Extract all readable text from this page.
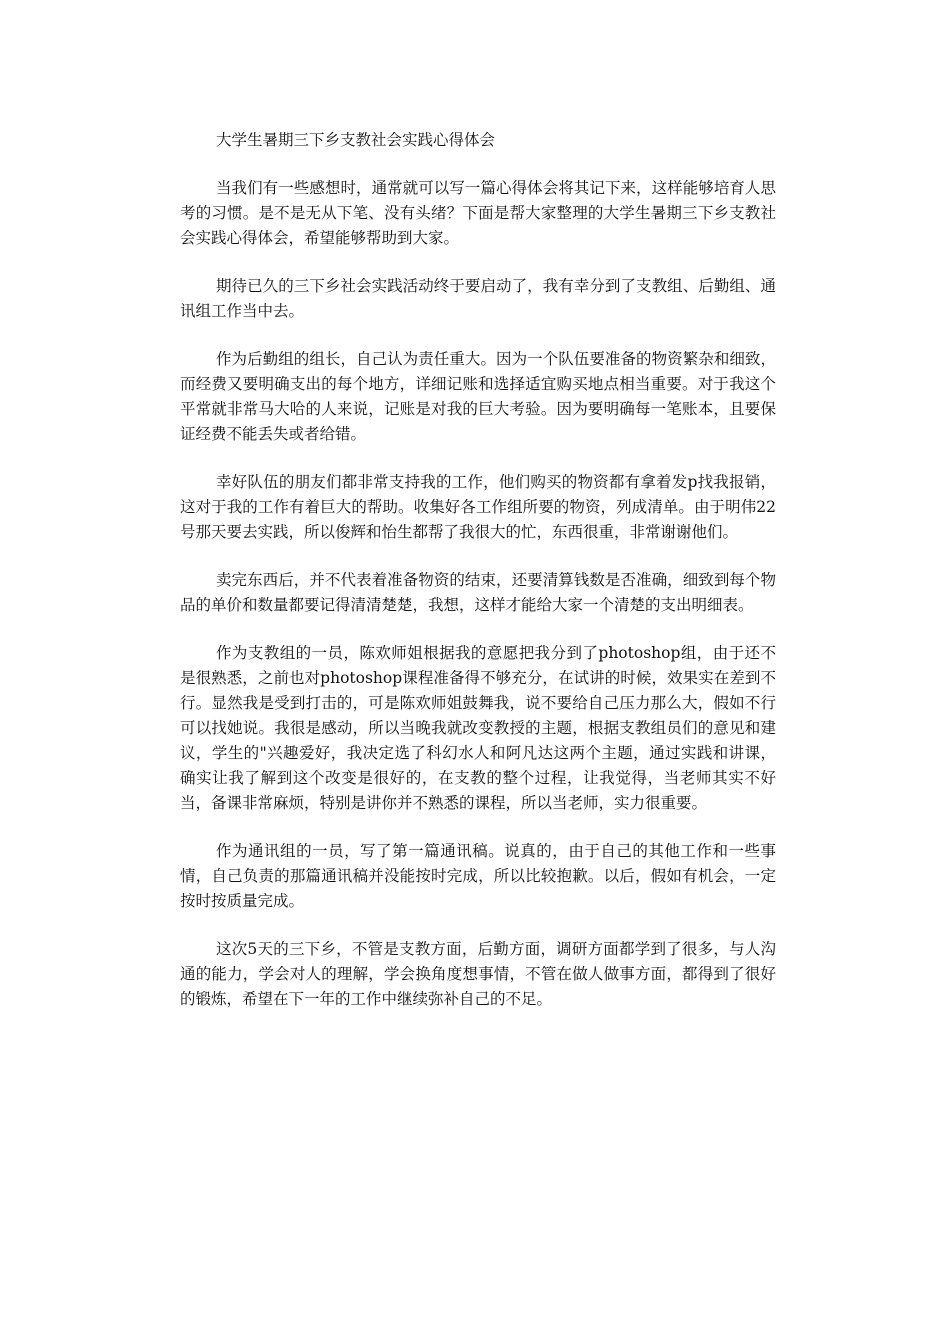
大学生暑期三下乡支教社会实践心得体会

当我们有一些感想时，通常就可以写一篇心得体会将其记下来，这样能够培育人思考的习惯。是不是无从下笔、没有头绪？下面是帮大家整理的大学生暑期三下乡支教社会实践心得体会，希望能够帮助到大家。

期待已久的三下乡社会实践活动终于要启动了，我有幸分到了支教组、后勤组、通讯组工作当中去。

作为后勤组的组长，自己认为责任重大。因为一个队伍要准备的物资繁杂和细致，而经费又要明确支出的每个地方，详细记账和选择适宜购买地点相当重要。对于我这个平常就非常马大哈的人来说，记账是对我的巨大考验。因为要明确每一笔账本，且要保证经费不能丢失或者给错。

幸好队伍的朋友们都非常支持我的工作，他们购买的物资都有拿着发p找我报销，这对于我的工作有着巨大的帮助。收集好各工作组所要的物资，列成清单。由于明伟22号那天要去实践，所以俊辉和怡生都帮了我很大的忙，东西很重，非常谢谢他们。

卖完东西后，并不代表着准备物资的结束，还要清算钱数是否准确，细致到每个物品的单价和数量都要记得清清楚楚，我想，这样才能给大家一个清楚的支出明细表。

作为支教组的一员，陈欢师姐根据我的意愿把我分到了photoshop组，由于还不是很熟悉，之前也对photoshop课程准备得不够充分，在试讲的时候，效果实在差到不行。显然我是受到打击的，可是陈欢师姐鼓舞我，说不要给自己压力那么大，假如不行可以找她说。我很是感动，所以当晚我就改变教授的主题，根据支教组员们的意见和建议，学生的"兴趣爱好，我决定选了科幻水人和阿凡达这两个主题，通过实践和讲课，确实让我了解到这个改变是很好的，在支教的整个过程，让我觉得，当老师其实不好当，备课非常麻烦，特别是讲你并不熟悉的课程，所以当老师，实力很重要。

作为通讯组的一员，写了第一篇通讯稿。说真的，由于自己的其他工作和一些事情，自己负责的那篇通讯稿并没能按时完成，所以比较抱歉。以后，假如有机会，一定按时按质量完成。

这次5天的三下乡，不管是支教方面，后勤方面，调研方面都学到了很多，与人沟通的能力，学会对人的理解，学会换角度想事情，不管在做人做事方面，都得到了很好的锻炼，希望在下一年的工作中继续弥补自己的不足。
